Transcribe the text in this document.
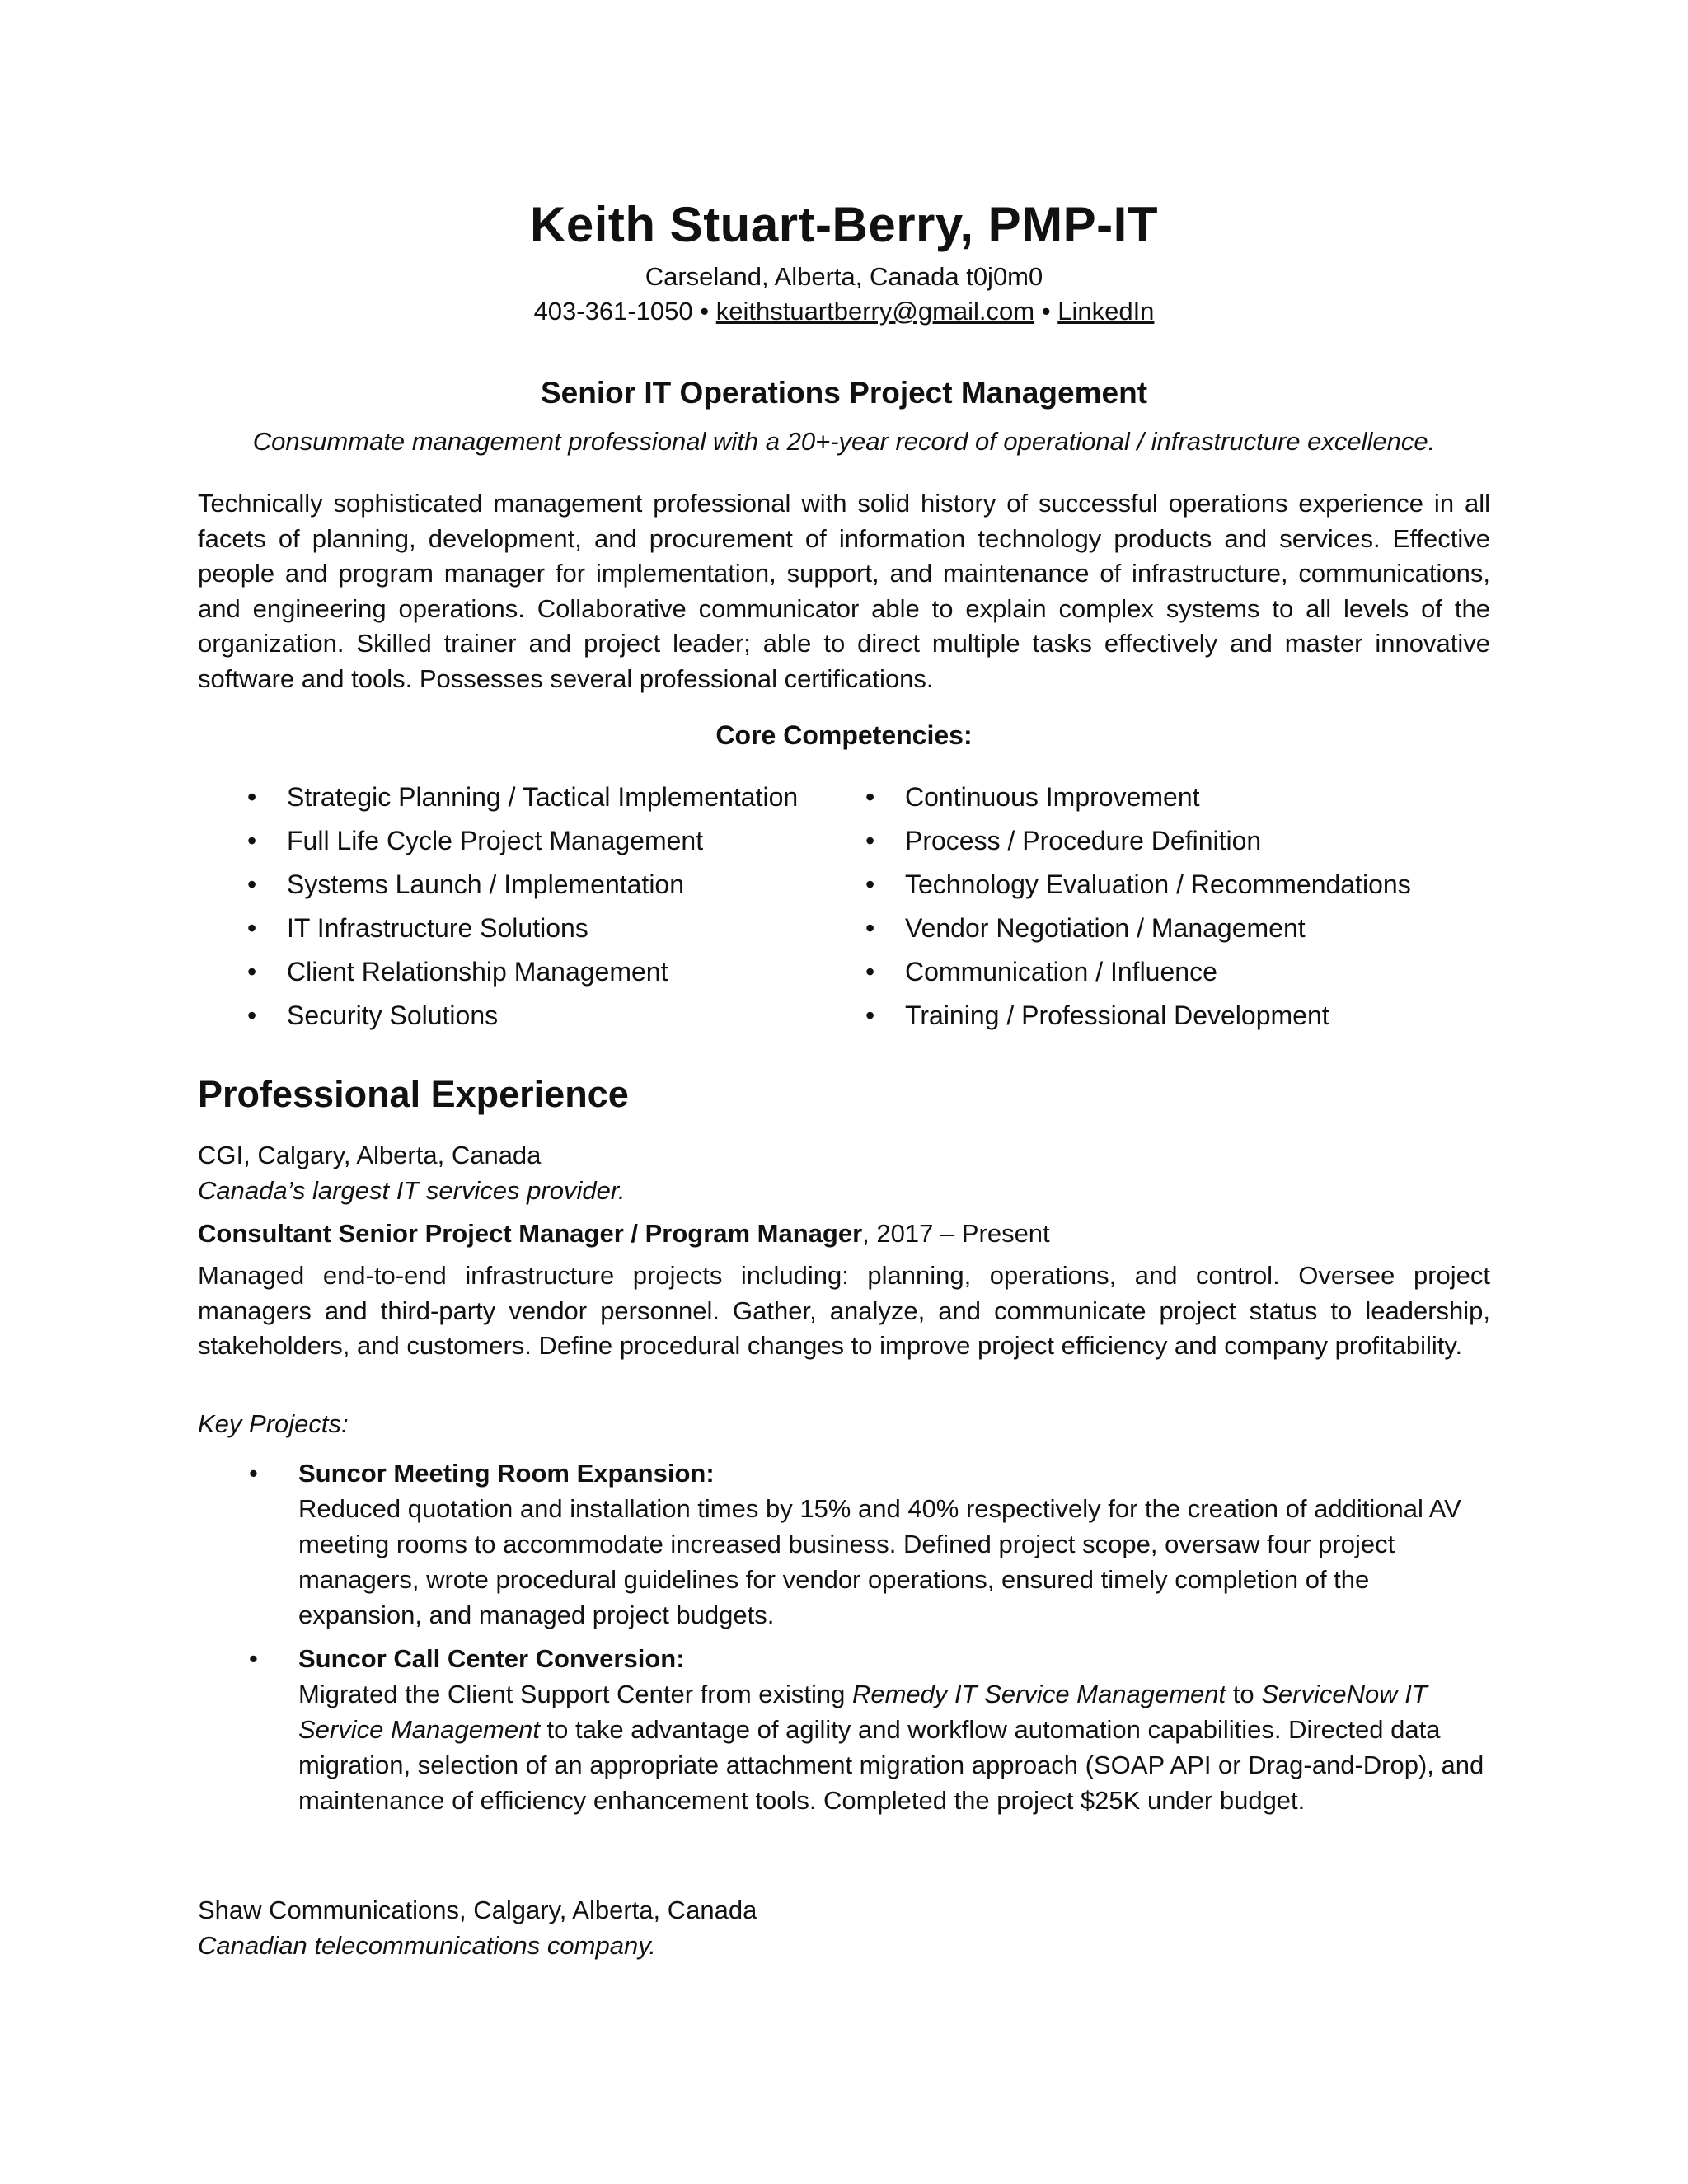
Keith Stuart-Berry, PMP-IT
Carseland, Alberta, Canada t0j0m0
403-361-1050 • keithstuartberry@gmail.com • LinkedIn
Senior IT Operations Project Management
Consummate management professional with a 20+-year record of operational / infrastructure excellence.
Technically sophisticated management professional with solid history of successful operations experience in all facets of planning, development, and procurement of information technology products and services. Effective people and program manager for implementation, support, and maintenance of infrastructure, communications, and engineering operations. Collaborative communicator able to explain complex systems to all levels of the organization. Skilled trainer and project leader; able to direct multiple tasks effectively and master innovative software and tools. Possesses several professional certifications.
Core Competencies:
• Strategic Planning / Tactical Implementation
• Full Life Cycle Project Management
• Systems Launch / Implementation
• IT Infrastructure Solutions
• Client Relationship Management
• Security Solutions
• Continuous Improvement
• Process / Procedure Definition
• Technology Evaluation / Recommendations
• Vendor Negotiation / Management
• Communication / Influence
• Training / Professional Development
Professional Experience
CGI, Calgary, Alberta, Canada
Canada’s largest IT services provider.
Consultant Senior Project Manager / Program Manager, 2017 – Present
Managed end-to-end infrastructure projects including: planning, operations, and control. Oversee project managers and third-party vendor personnel. Gather, analyze, and communicate project status to leadership, stakeholders, and customers. Define procedural changes to improve project efficiency and company profitability.
Key Projects:
• Suncor Meeting Room Expansion:
Reduced quotation and installation times by 15% and 40% respectively for the creation of additional AV meeting rooms to accommodate increased business. Defined project scope, oversaw four project managers, wrote procedural guidelines for vendor operations, ensured timely completion of the expansion, and managed project budgets.
• Suncor Call Center Conversion:
Migrated the Client Support Center from existing Remedy IT Service Management to ServiceNow IT Service Management to take advantage of agility and workflow automation capabilities. Directed data migration, selection of an appropriate attachment migration approach (SOAP API or Drag-and-Drop), and maintenance of efficiency enhancement tools. Completed the project $25K under budget.
Shaw Communications, Calgary, Alberta, Canada
Canadian telecommunications company.
